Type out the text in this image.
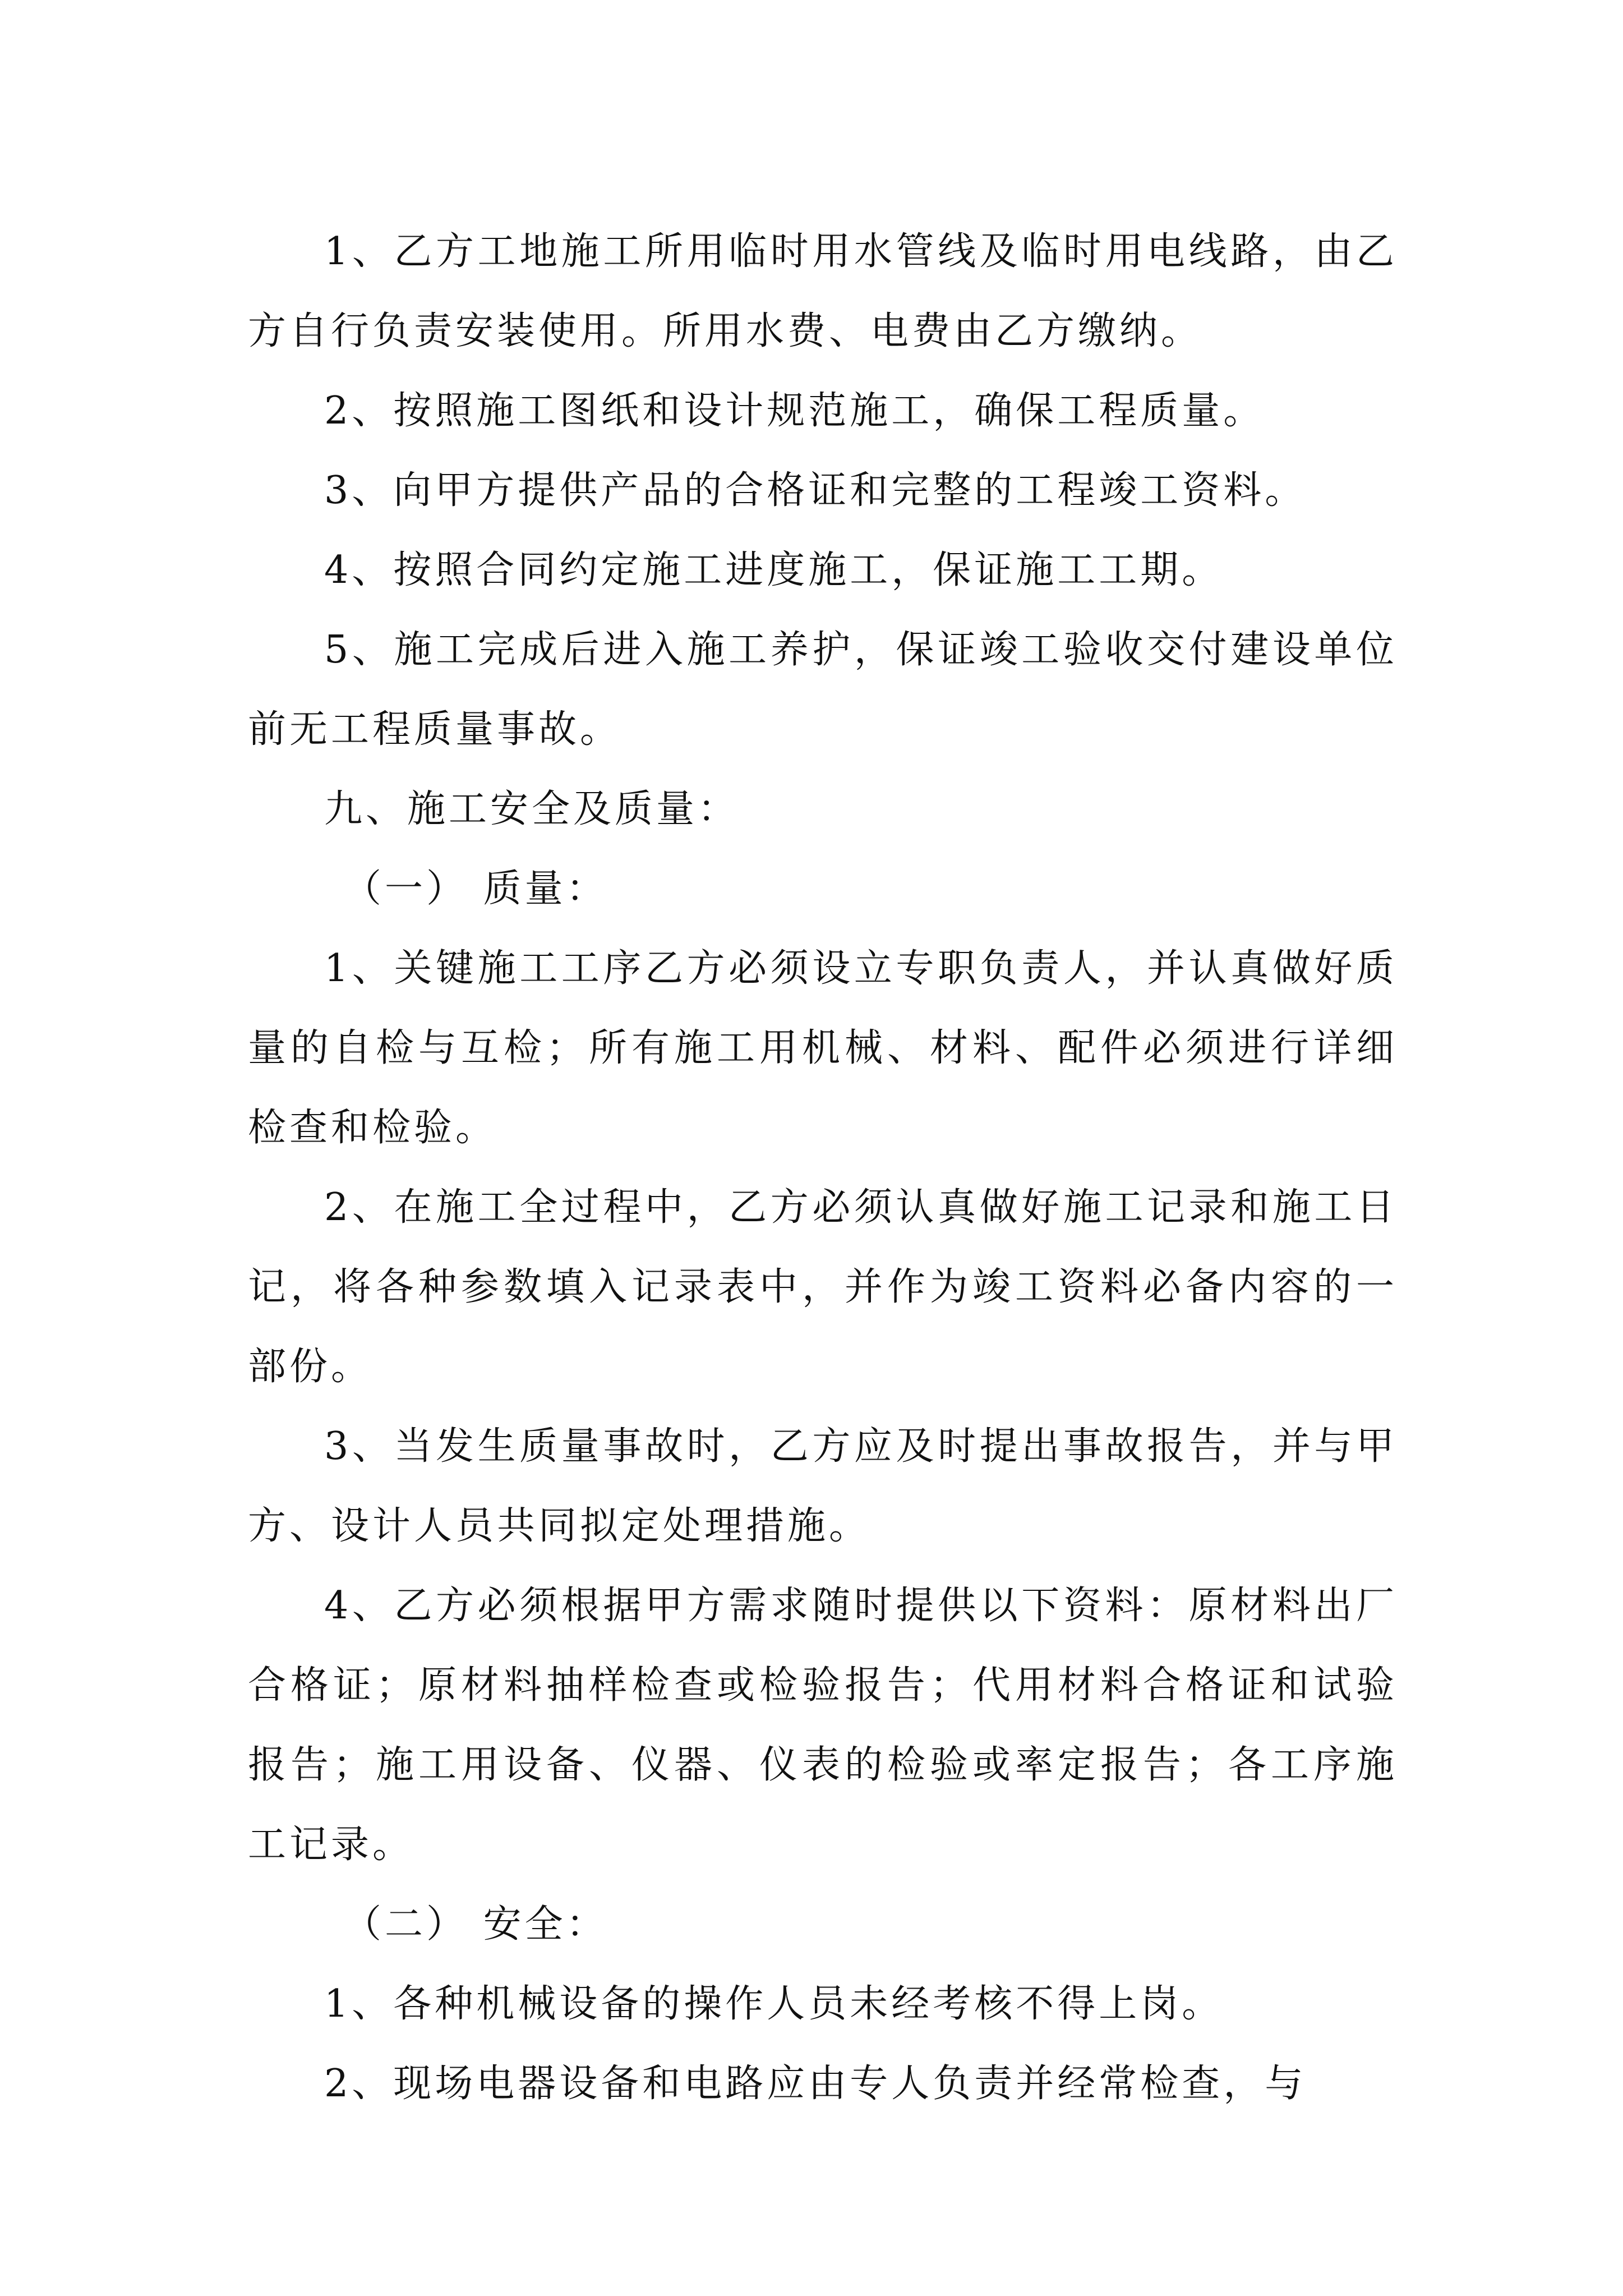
1、乙方工地施工所用临时用水管线及临时用电线路，由乙方自行负责安装使用。所用水费、电费由乙方缴纳。

2、按照施工图纸和设计规范施工，确保工程质量。

3、向甲方提供产品的合格证和完整的工程竣工资料。

4、按照合同约定施工进度施工，保证施工工期。

5、施工完成后进入施工养护，保证竣工验收交付建设单位前无工程质量事故。

九、施工安全及质量：

（一） 质量：

1、关键施工工序乙方必须设立专职负责人，并认真做好质量的自检与互检；所有施工用机械、材料、配件必须进行详细检查和检验。

2、在施工全过程中，乙方必须认真做好施工记录和施工日记，将各种参数填入记录表中，并作为竣工资料必备内容的一部份。

3、当发生质量事故时，乙方应及时提出事故报告，并与甲方、设计人员共同拟定处理措施。

4、乙方必须根据甲方需求随时提供以下资料：原材料出厂合格证；原材料抽样检查或检验报告；代用材料合格证和试验报告；施工用设备、仪器、仪表的检验或率定报告；各工序施工记录。

（二） 安全：

1、各种机械设备的操作人员未经考核不得上岗。

2、现场电器设备和电路应由专人负责并经常检查，与
